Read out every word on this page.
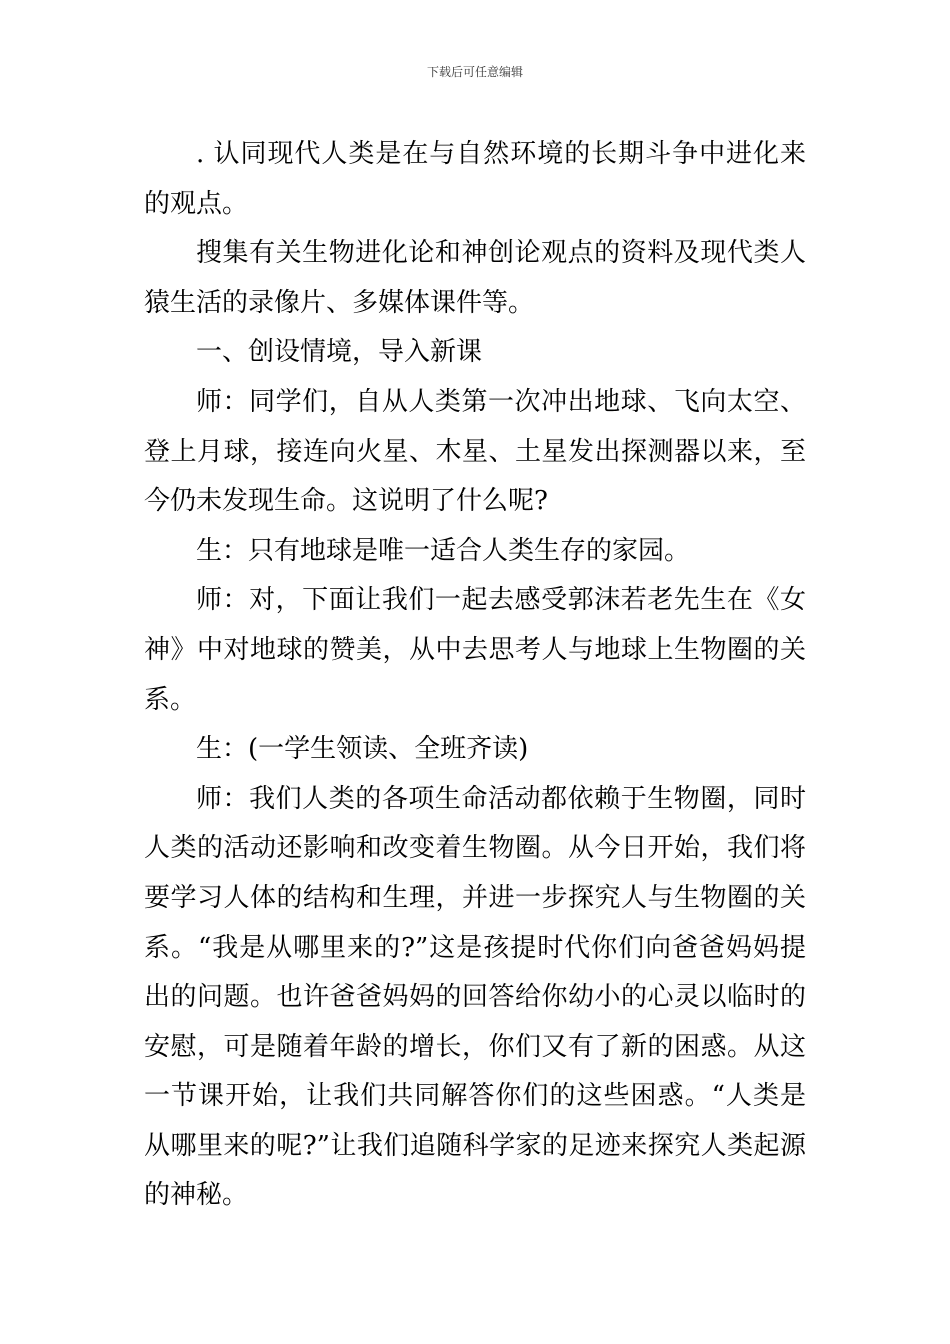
下载后可任意编辑

. 认同现代人类是在与自然环境的长期斗争中进化来的观点。

搜集有关生物进化论和神创论观点的资料及现代类人猿生活的录像片、多媒体课件等。

一、创设情境，导入新课

师：同学们，自从人类第一次冲出地球、飞向太空、登上月球，接连向火星、木星、土星发出探测器以来，至今仍未发现生命。这说明了什么呢?

生：只有地球是唯一适合人类生存的家园。

师：对，下面让我们一起去感受郭沫若老先生在《女神》中对地球的赞美，从中去思考人与地球上生物圈的关系。

生：(一学生领读、全班齐读)

师：我们人类的各项生命活动都依赖于生物圈，同时人类的活动还影响和改变着生物圈。从今日开始，我们将要学习人体的结构和生理，并进一步探究人与生物圈的关系。“我是从哪里来的?”这是孩提时代你们向爸爸妈妈提出的问题。也许爸爸妈妈的回答给你幼小的心灵以临时的安慰，可是随着年龄的增长，你们又有了新的困惑。从这一节课开始，让我们共同解答你们的这些困惑。“人类是从哪里来的呢?”让我们追随科学家的足迹来探究人类起源的神秘。
